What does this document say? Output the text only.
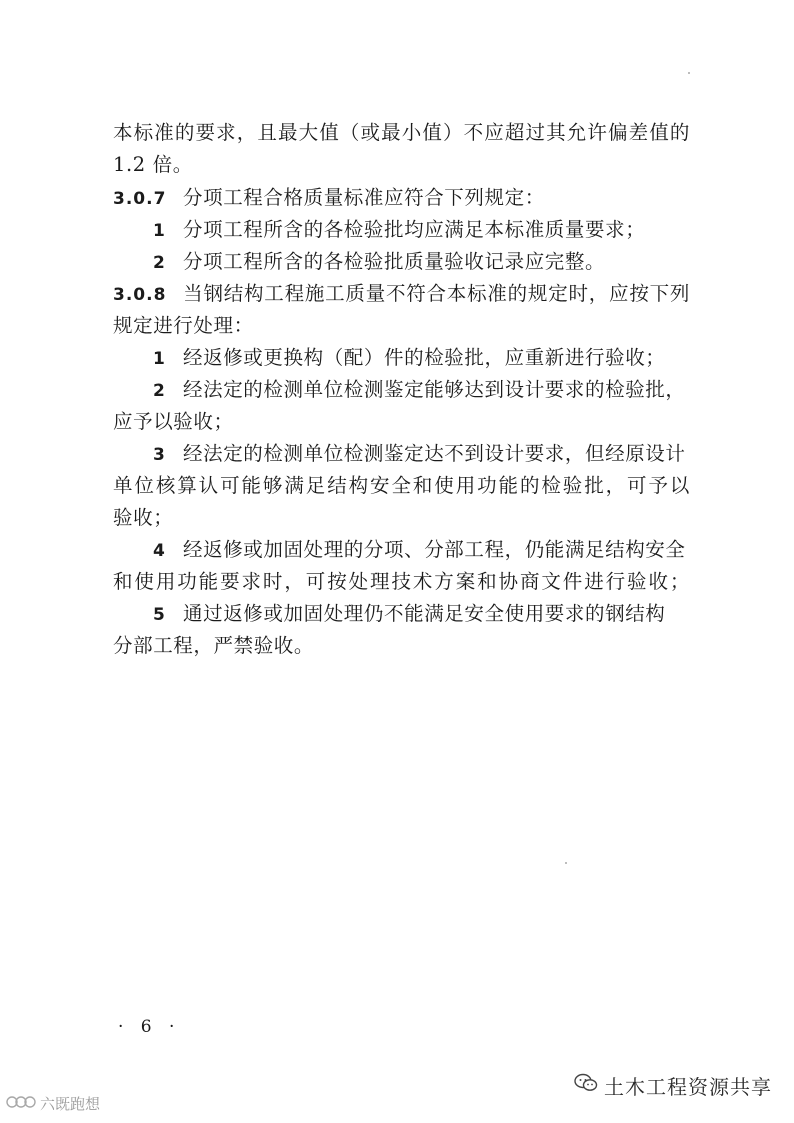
本标准的要求，且最大值（或最小值）不应超过其允许偏差值的
1.2 倍。
3.0.7 分项工程合格质量标准应符合下列规定：
1 分项工程所含的各检验批均应满足本标准质量要求；
2 分项工程所含的各检验批质量验收记录应完整。
3.0.8 当钢结构工程施工质量不符合本标准的规定时，应按下列
规定进行处理：
1 经返修或更换构（配）件的检验批，应重新进行验收；
2 经法定的检测单位检测鉴定能够达到设计要求的检验批，
应予以验收；
3 经法定的检测单位检测鉴定达不到设计要求，但经原设计
单位核算认可能够满足结构安全和使用功能的检验批，可予以
验收；
4 经返修或加固处理的分项、分部工程，仍能满足结构安全
和使用功能要求时，可按处理技术方案和协商文件进行验收；
5 通过返修或加固处理仍不能满足安全使用要求的钢结构
分部工程，严禁验收。
· 6 ·
土木工程资源共享
六既跑想
